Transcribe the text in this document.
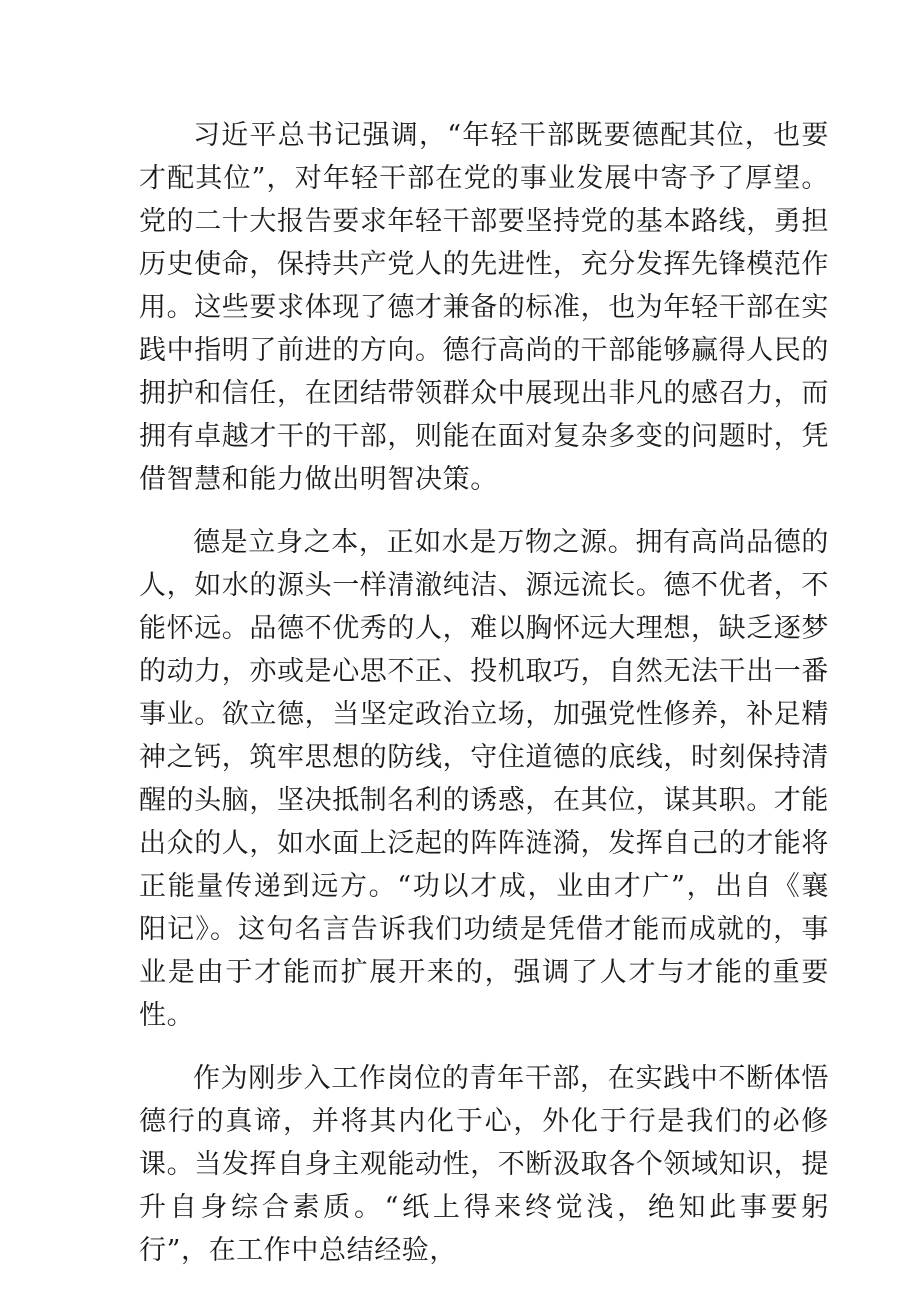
习近平总书记强调，“年轻干部既要德配其位，也要才配其位”，对年轻干部在党的事业发展中寄予了厚望。党的二十大报告要求年轻干部要坚持党的基本路线，勇担历史使命，保持共产党人的先进性，充分发挥先锋模范作用。这些要求体现了德才兼备的标准，也为年轻干部在实践中指明了前进的方向。德行高尚的干部能够赢得人民的拥护和信任，在团结带领群众中展现出非凡的感召力，而拥有卓越才干的干部，则能在面对复杂多变的问题时，凭借智慧和能力做出明智决策。

德是立身之本，正如水是万物之源。拥有高尚品德的人，如水的源头一样清澈纯洁、源远流长。德不优者，不能怀远。品德不优秀的人，难以胸怀远大理想，缺乏逐梦的动力，亦或是心思不正、投机取巧，自然无法干出一番事业。欲立德，当坚定政治立场，加强党性修养，补足精神之钙，筑牢思想的防线，守住道德的底线，时刻保持清醒的头脑，坚决抵制名利的诱惑，在其位，谋其职。才能出众的人，如水面上泛起的阵阵涟漪，发挥自己的才能将正能量传递到远方。“功以才成，业由才广”，出自《襄阳记》。这句名言告诉我们功绩是凭借才能而成就的，事业是由于才能而扩展开来的，强调了人才与才能的重要性。

作为刚步入工作岗位的青年干部，在实践中不断体悟德行的真谛，并将其内化于心，外化于行是我们的必修课。当发挥自身主观能动性，不断汲取各个领域知识，提升自身综合素质。“纸上得来终觉浅，绝知此事要躬行”，在工作中总结经验，
